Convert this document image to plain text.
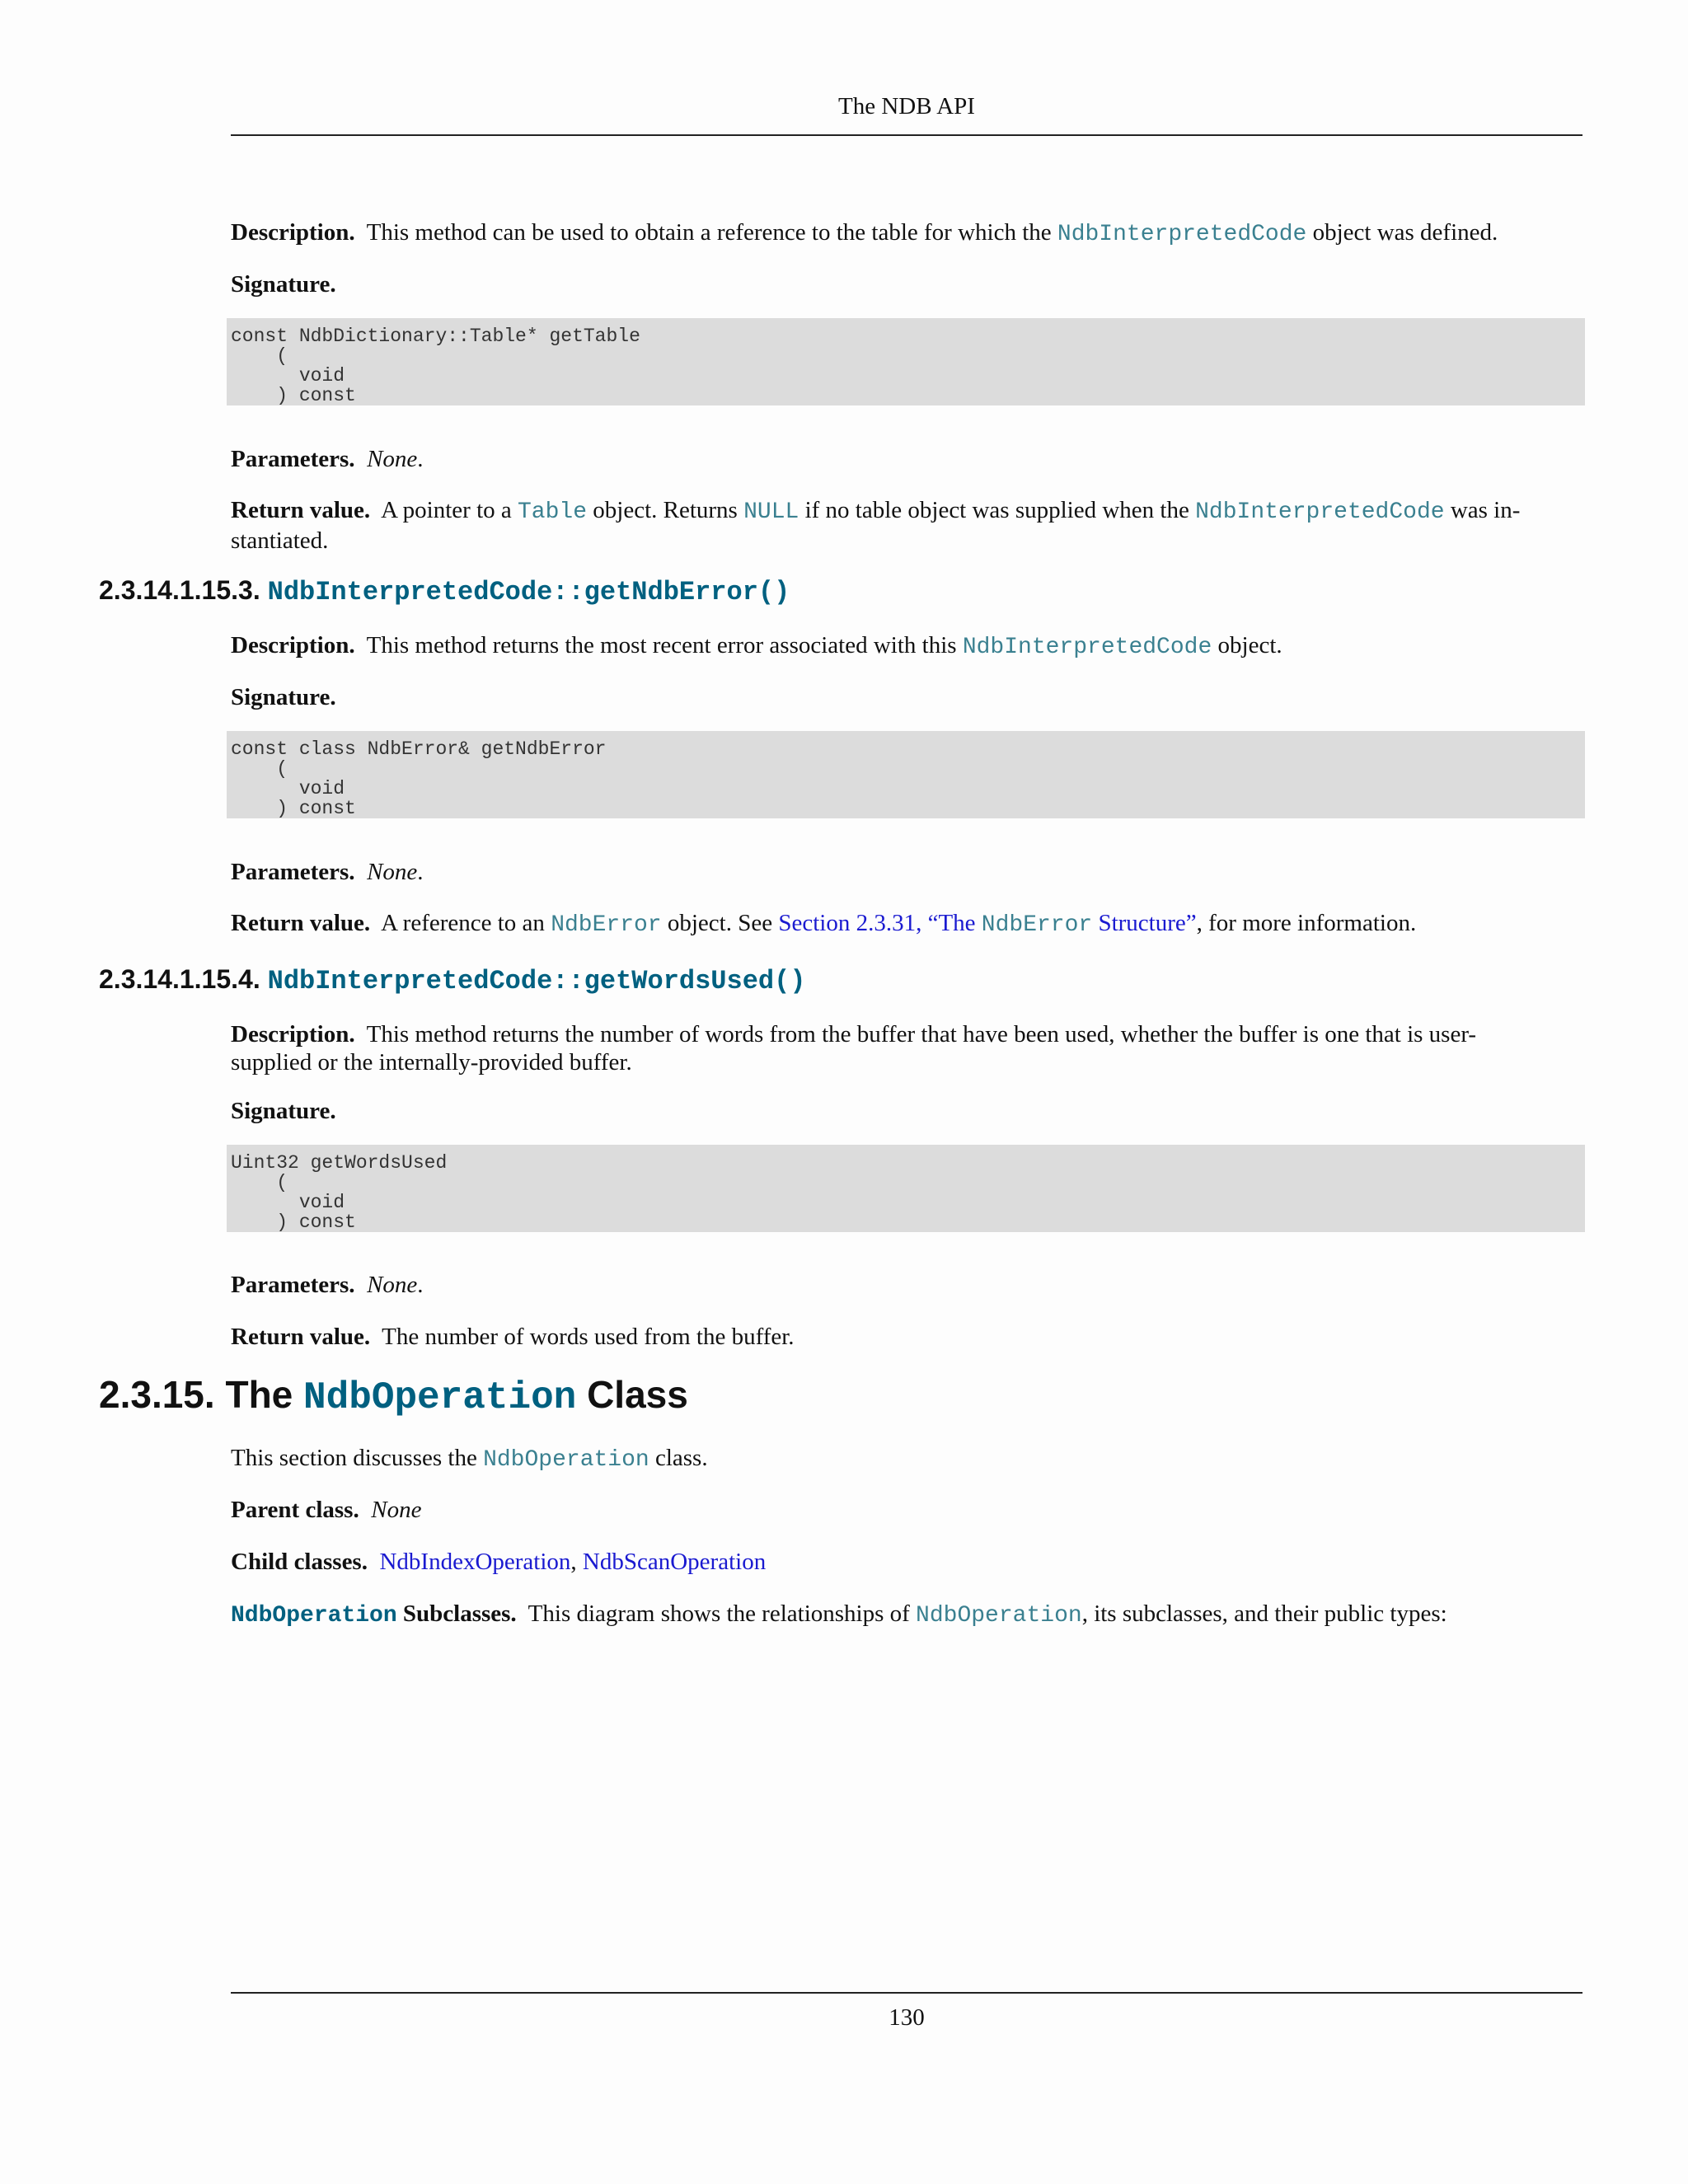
The NDB API
Description. This method can be used to obtain a reference to the table for which the NdbInterpretedCode object was defined.
Signature.
const NdbDictionary::Table* getTable
(
void
) const
Parameters. None.
Return value. A pointer to a Table object. Returns NULL if no table object was supplied when the NdbInterpretedCode was in-stantiated.
2.3.14.1.15.3. NdbInterpretedCode::getNdbError()
Description. This method returns the most recent error associated with this NdbInterpretedCode object.
Signature.
const class NdbError& getNdbError
(
void
) const
Parameters. None.
Return value. A reference to an NdbError object. See Section 2.3.31, “The NdbError Structure”, for more information.
2.3.14.1.15.4. NdbInterpretedCode::getWordsUsed()
Description. This method returns the number of words from the buffer that have been used, whether the buffer is one that is user-
supplied or the internally-provided buffer.
Signature.
Uint32 getWordsUsed
(
void
) const
Parameters. None.
Return value. The number of words used from the buffer.
2.3.15. The NdbOperation Class
This section discusses the NdbOperation class.
Parent class. None
Child classes. NdbIndexOperation, NdbScanOperation
NdbOperation Subclasses. This diagram shows the relationships of NdbOperation, its subclasses, and their public types:
130
